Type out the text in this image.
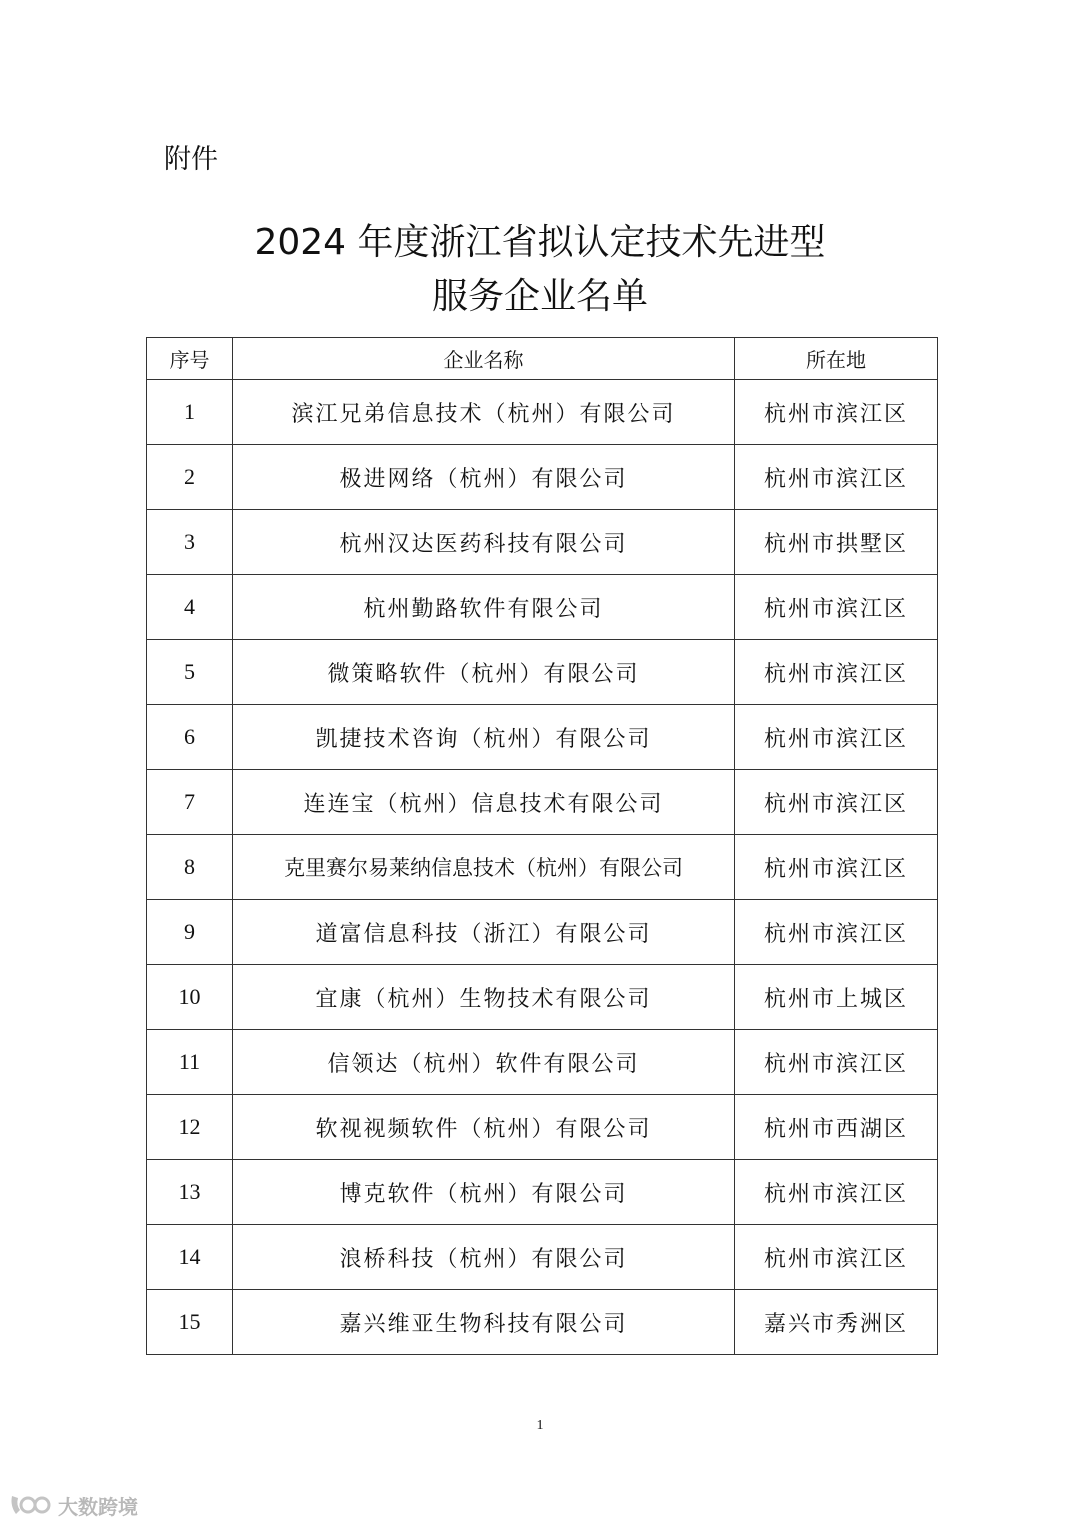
附件
2024 年度浙江省拟认定技术先进型
服务企业名单
序号	企业名称	所在地
1	滨江兄弟信息技术（杭州）有限公司	杭州市滨江区
2	极进网络（杭州）有限公司	杭州市滨江区
3	杭州汉达医药科技有限公司	杭州市拱墅区
4	杭州勤路软件有限公司	杭州市滨江区
5	微策略软件（杭州）有限公司	杭州市滨江区
6	凯捷技术咨询（杭州）有限公司	杭州市滨江区
7	连连宝（杭州）信息技术有限公司	杭州市滨江区
8	克里赛尔易莱纳信息技术（杭州）有限公司	杭州市滨江区
9	道富信息科技（浙江）有限公司	杭州市滨江区
10	宜康（杭州）生物技术有限公司	杭州市上城区
11	信领达（杭州）软件有限公司	杭州市滨江区
12	软视视频软件（杭州）有限公司	杭州市西湖区
13	博克软件（杭州）有限公司	杭州市滨江区
14	浪桥科技（杭州）有限公司	杭州市滨江区
15	嘉兴维亚生物科技有限公司	嘉兴市秀洲区
1
大数跨境
